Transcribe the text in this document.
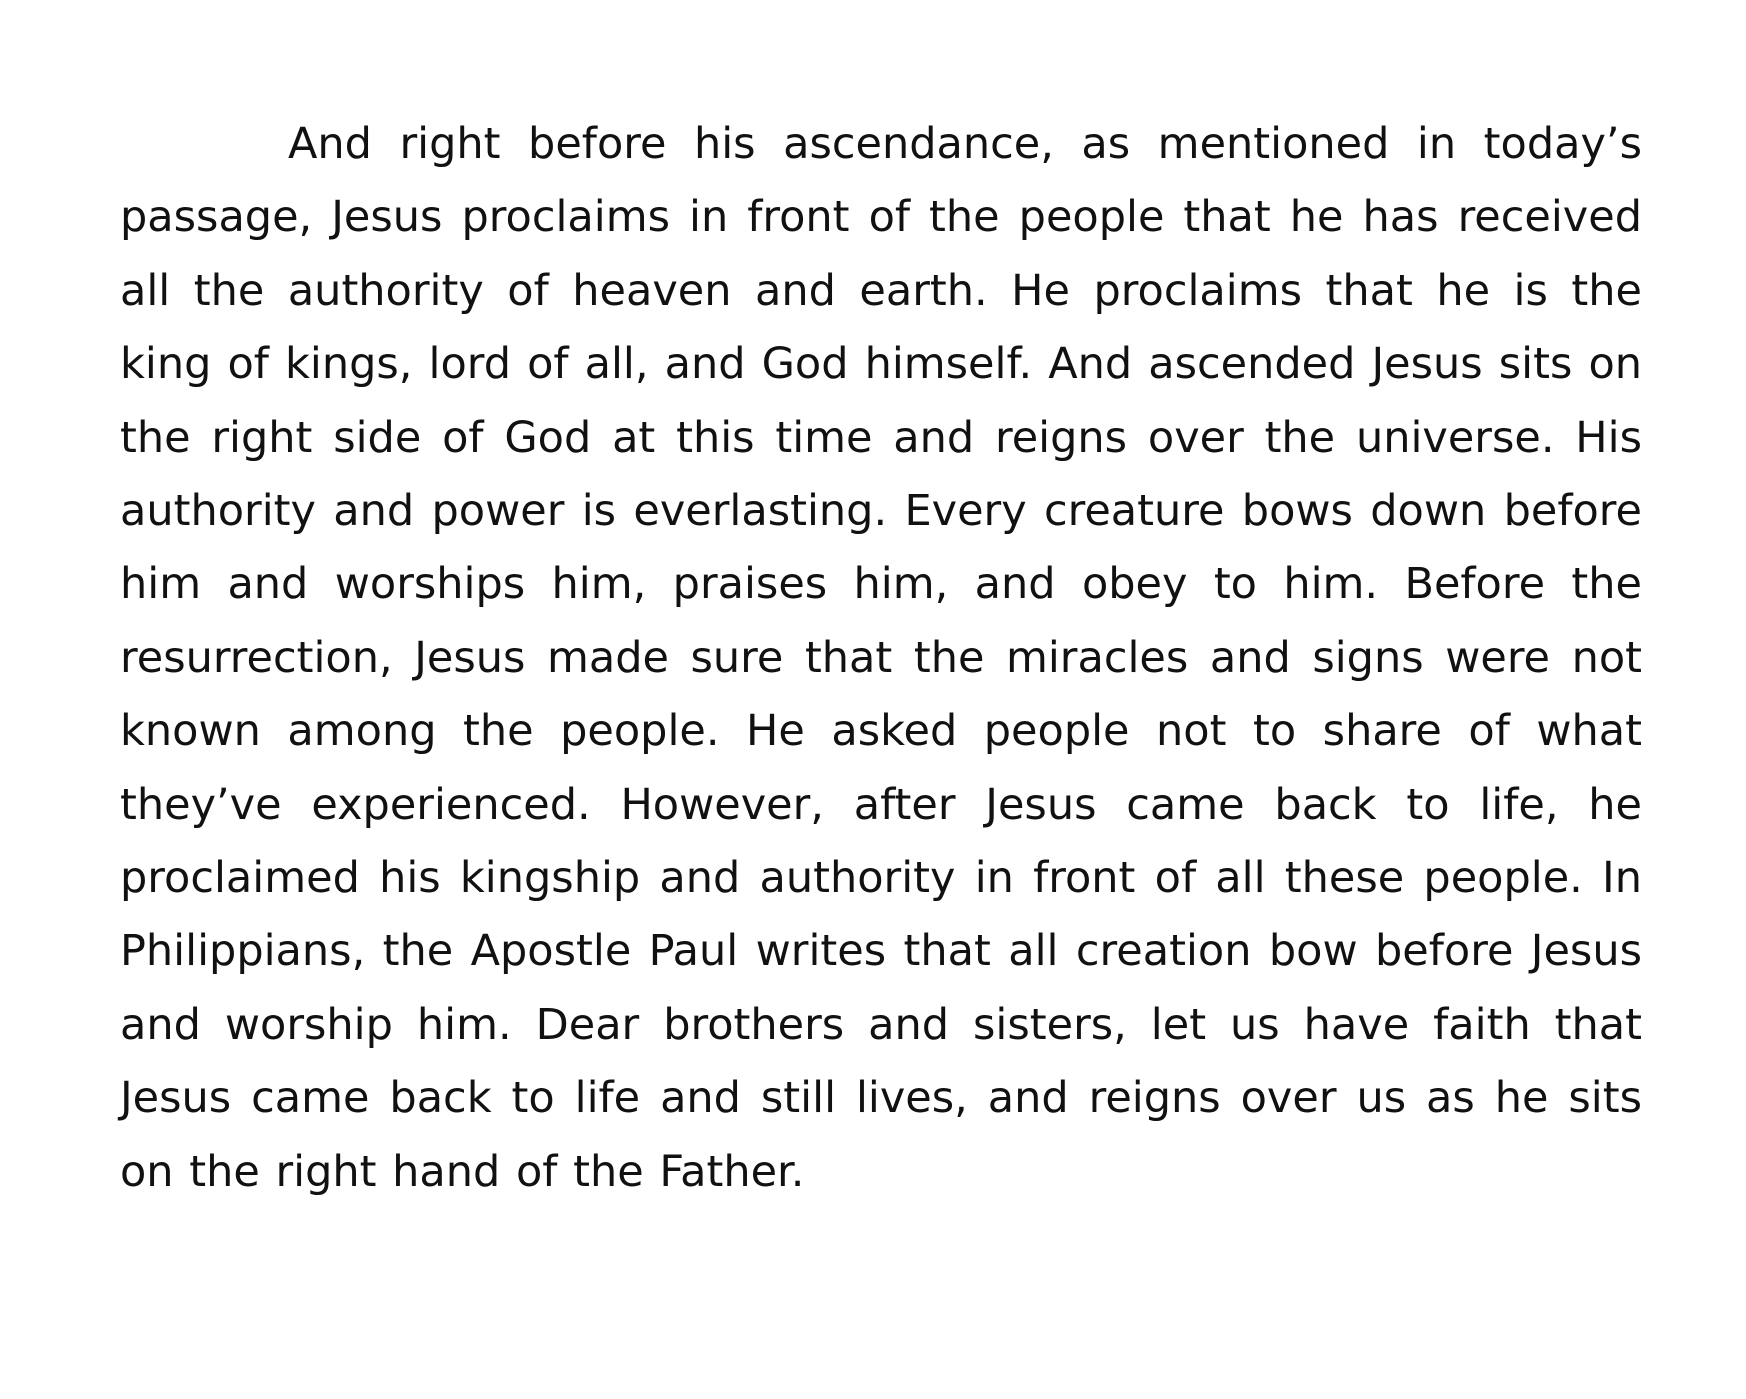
And right before his ascendance, as mentioned in today’s passage, Jesus proclaims in front of the people that he has received all the authority of heaven and earth. He proclaims that he is the king of kings, lord of all, and God himself. And ascended Jesus sits on the right side of God at this time and reigns over the universe. His authority and power is everlasting. Every creature bows down before him and worships him, praises him, and obey to him. Before the resurrection, Jesus made sure that the miracles and signs were not known among the people. He asked people not to share of what they’ve experienced. However, after Jesus came back to life, he proclaimed his kingship and authority in front of all these people. In Philippians, the Apostle Paul writes that all creation bow before Jesus and worship him. Dear brothers and sisters, let us have faith that Jesus came back to life and still lives, and reigns over us as he sits on the right hand of the Father.
